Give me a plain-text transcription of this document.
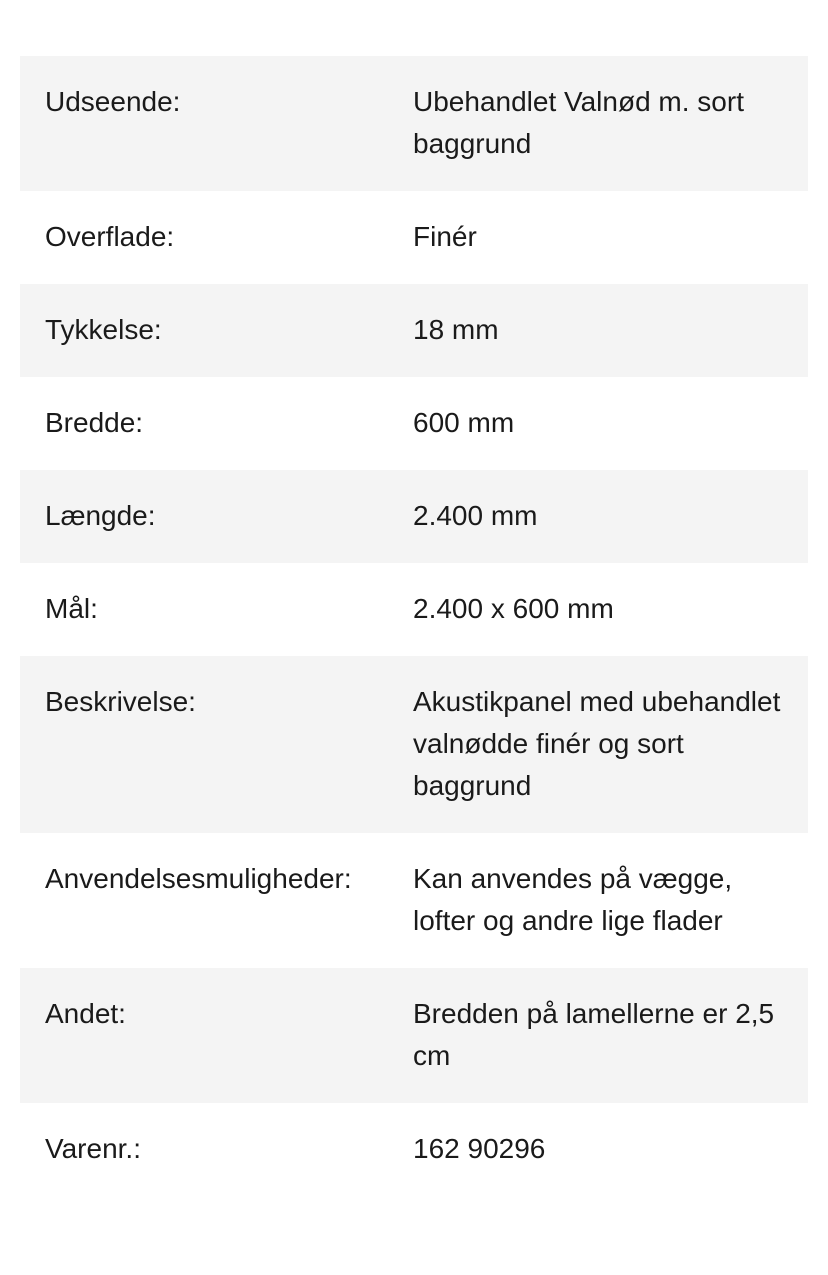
Udseende:	Ubehandlet Valnød m. sort baggrund
Overflade:	Finér
Tykkelse:	18 mm
Bredde:	600 mm
Længde:	2.400 mm
Mål:	2.400 x 600 mm
Beskrivelse:	Akustikpanel med ubehandlet valnødde finér og sort baggrund
Anvendelsesmuligheder:	Kan anvendes på vægge, lofter og andre lige flader
Andet:	Bredden på lamellerne er 2,5 cm
Varenr.:	162 90296
